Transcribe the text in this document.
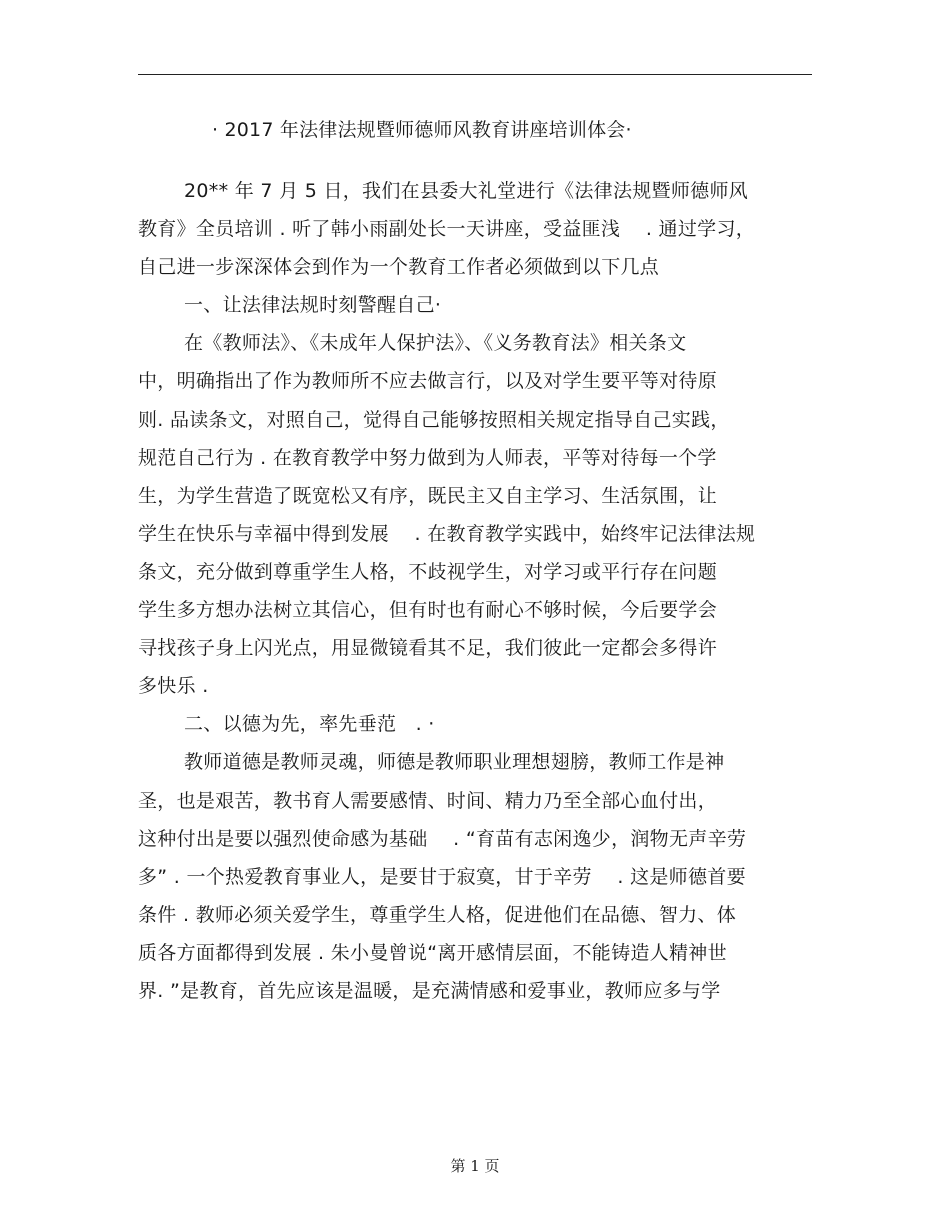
· 2017 年法律法规暨师德师风教育讲座培训体会·
20** 年 7 月 5 日，我们在县委大礼堂进行《法律法规暨师德师风
教育》全员培训 . 听了韩小雨副处长一天讲座，受益匪浅　 . 通过学习，
自己进一步深深体会到作为一个教育工作者必须做到以下几点
一、让法律法规时刻警醒自己·
在《教师法》、《未成年人保护法》、《义务教育法》相关条文
中，明确指出了作为教师所不应去做言行，以及对学生要平等对待原
则. 品读条文，对照自己，觉得自己能够按照相关规定指导自己实践，
规范自己行为 . 在教育教学中努力做到为人师表，平等对待每一个学
生，为学生营造了既宽松又有序，既民主又自主学习、生活氛围，让
学生在快乐与幸福中得到发展　 . 在教育教学实践中，始终牢记法律法规
条文，充分做到尊重学生人格，不歧视学生，对学习或平行存在问题
学生多方想办法树立其信心，但有时也有耐心不够时候，今后要学会
寻找孩子身上闪光点，用显微镜看其不足，我们彼此一定都会多得许
多快乐 .
二、以德为先，率先垂范　. ·
教师道德是教师灵魂，师德是教师职业理想翅膀，教师工作是神
圣，也是艰苦，教书育人需要感情、时间、精力乃至全部心血付出，
这种付出是要以强烈使命感为基础　 . “育苗有志闲逸少，润物无声辛劳
多” . 一个热爱教育事业人，是要甘于寂寞，甘于辛劳　 . 这是师德首要
条件 . 教师必须关爱学生，尊重学生人格，促进他们在品德、智力、体
质各方面都得到发展 . 朱小曼曾说“离开感情层面，不能铸造人精神世
界. ”是教育，首先应该是温暖，是充满情感和爱事业，教师应多与学
第 1 页
